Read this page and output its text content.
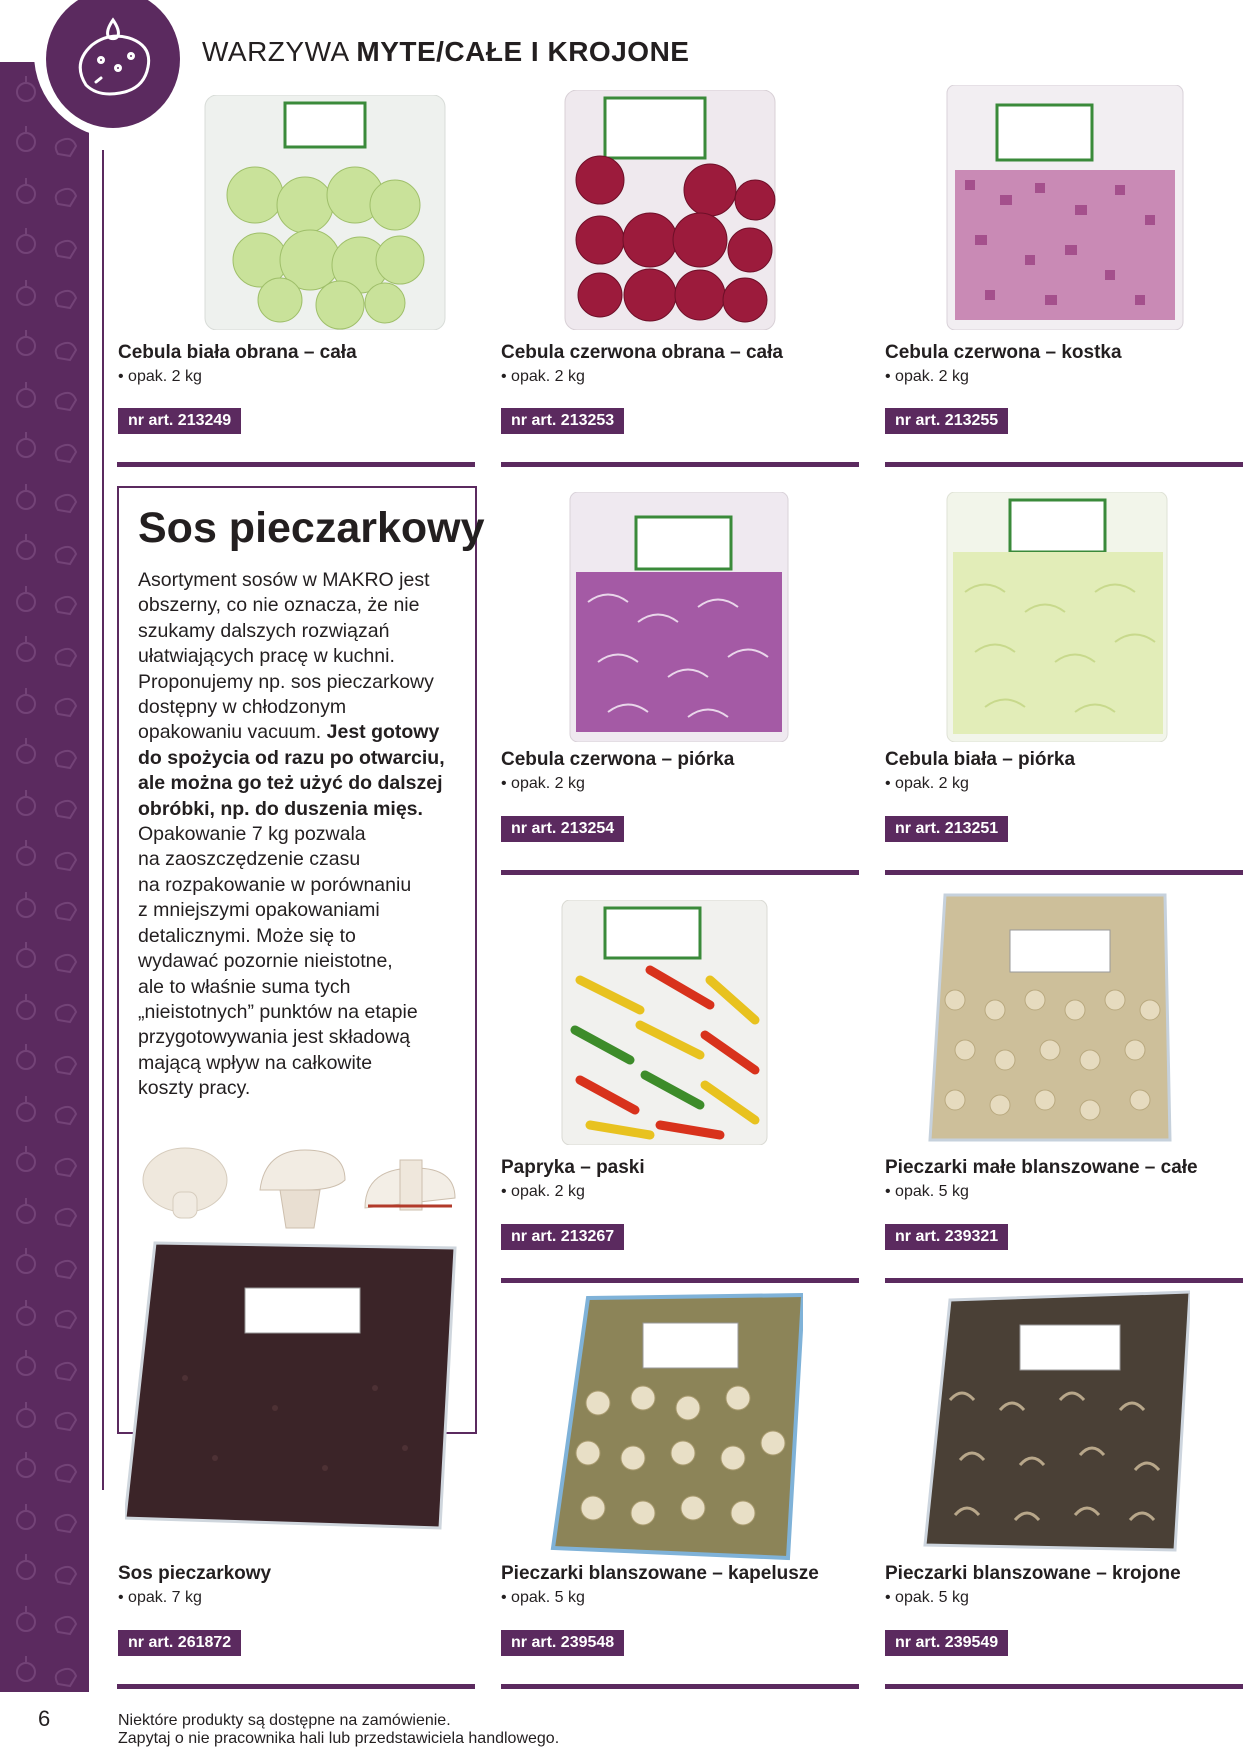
WARZYWA MYTE/CAŁE I KROJONE
Cebula biała obrana – cała
• opak. 2 kg
nr art. 213249
Cebula czerwona obrana – cała
• opak. 2 kg
nr art. 213253
Cebula czerwona – kostka
• opak. 2 kg
nr art. 213255
Sos pieczarkowy
Asortyment sosów w MAKRO jest
obszerny, co nie oznacza, że nie
szukamy dalszych rozwiązań
ułatwiających pracę w kuchni.
Proponujemy np. sos pieczarkowy
dostępny w chłodzonym
opakowaniu vacuum. Jest gotowy
do spożycia od razu po otwarciu,
ale można go też użyć do dalszej
obróbki, np. do duszenia mięs.
Opakowanie 7 kg pozwala
na zaoszczędzenie czasu
na rozpakowanie w porównaniu
z mniejszymi opakowaniami
detalicznymi. Może się to
wydawać pozornie nieistotne,
ale to właśnie suma tych
„nieistotnych” punktów na etapie
przygotowywania jest składową
mającą wpływ na całkowite
koszty pracy.
Cebula czerwona – piórka
• opak. 2 kg
nr art. 213254
Cebula biała – piórka
• opak. 2 kg
nr art. 213251
Papryka – paski
• opak. 2 kg
nr art. 213267
Pieczarki małe blanszowane – całe
• opak. 5 kg
nr art. 239321
Sos pieczarkowy
• opak. 7 kg
nr art. 261872
Pieczarki blanszowane – kapelusze
• opak. 5 kg
nr art. 239548
Pieczarki blanszowane – krojone
• opak. 5 kg
nr art. 239549
6	Niektóre produkty są dostępne na zamówienie.
Zapytaj o nie pracownika hali lub przedstawiciela handlowego.
